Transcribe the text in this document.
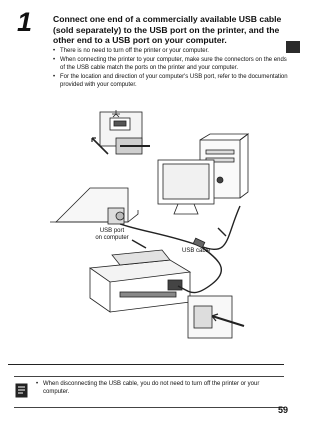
1	Connect one end of a commercially available USB cable (sold separately) to the USB port on the printer, and the other end to a USB port on your computer.

• There is no need to turn off the printer or your computer.
• When connecting the printer to your computer, make sure the connectors on the ends of the USB cable match the ports on the printer and your computer.
• For the location and direction of your computer's USB port, refer to the documentation provided with your computer.
USB port
on computer
USB cable
• When disconnecting the USB cable, you do not need to turn off the printer or your computer.
59
